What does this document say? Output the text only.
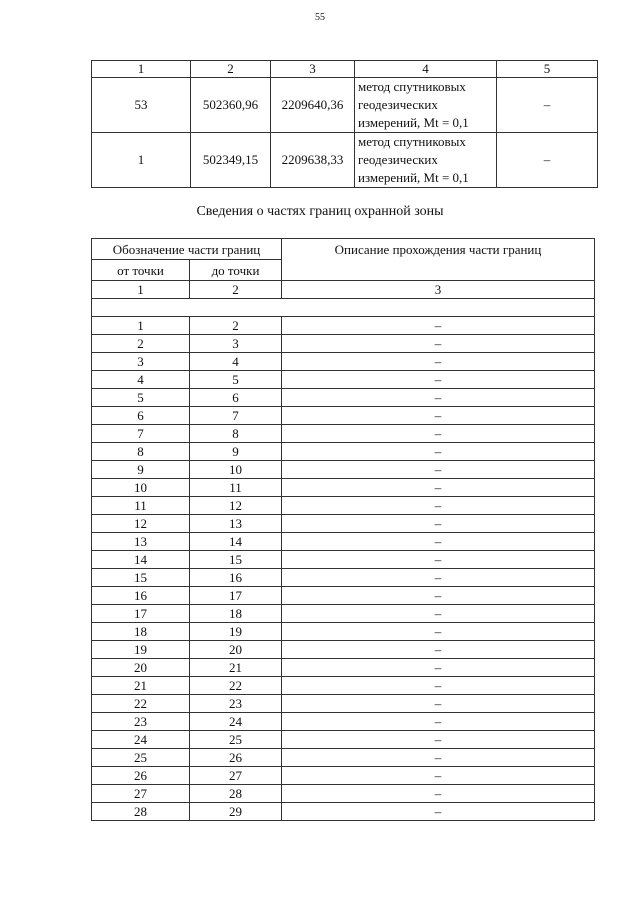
55
1	2	3	4	5
53	502360,96	2209640,36	метод спутниковых
геодезических
измерений, Mt = 0,1	–
1	502349,15	2209638,33	метод спутниковых
геодезических
измерений, Mt = 0,1	–
Сведения о частях границ охранной зоны
Обозначение части границ		Описание прохождения части границ
от точки	до точки	
1	2	3

1	2	–
2	3	–
3	4	–
4	5	–
5	6	–
6	7	–
7	8	–
8	9	–
9	10	–
10	11	–
11	12	–
12	13	–
13	14	–
14	15	–
15	16	–
16	17	–
17	18	–
18	19	–
19	20	–
20	21	–
21	22	–
22	23	–
23	24	–
24	25	–
25	26	–
26	27	–
27	28	–
28	29	–
